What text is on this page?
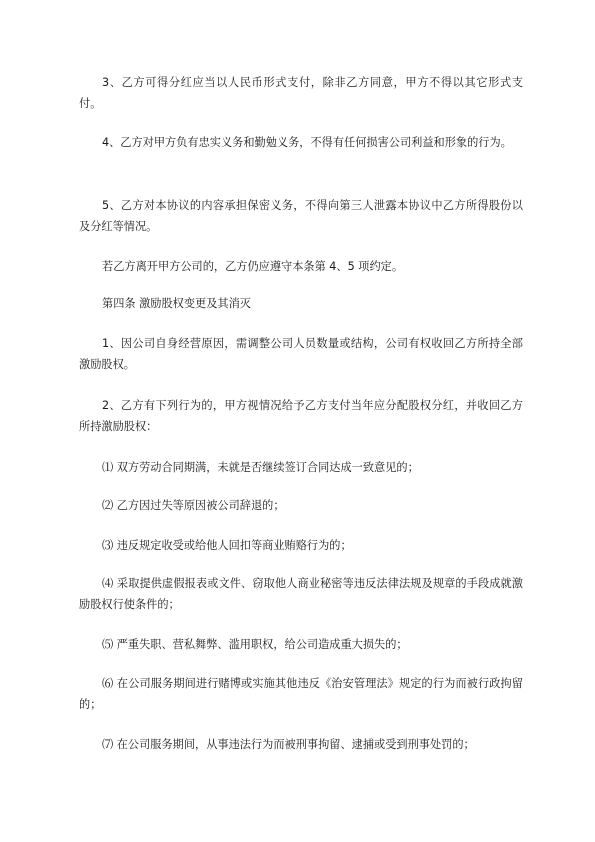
3、乙方可得分红应当以人民币形式支付，除非乙方同意，甲方不得以其它形式支付。

4、乙方对甲方负有忠实义务和勤勉义务，不得有任何损害公司利益和形象的行为。

5、乙方对本协议的内容承担保密义务，不得向第三人泄露本协议中乙方所得股份以及分红等情况。

若乙方离开甲方公司的，乙方仍应遵守本条第 4、5 项约定。

第四条 激励股权变更及其消灭

1、因公司自身经营原因，需调整公司人员数量或结构，公司有权收回乙方所持全部激励股权。

2、乙方有下列行为的，甲方视情况给予乙方支付当年应分配股权分红，并收回乙方所持激励股权：

⑴ 双方劳动合同期满，未就是否继续签订合同达成一致意见的；

⑵ 乙方因过失等原因被公司辞退的；

⑶ 违反规定收受或给他人回扣等商业贿赂行为的；

⑷ 采取提供虚假报表或文件、窃取他人商业秘密等违反法律法规及规章的手段成就激励股权行使条件的；

⑸ 严重失职、营私舞弊、滥用职权，给公司造成重大损失的；

⑹ 在公司服务期间进行赌博或实施其他违反《治安管理法》规定的行为而被行政拘留的；

⑺ 在公司服务期间，从事违法行为而被刑事拘留、逮捕或受到刑事处罚的；
